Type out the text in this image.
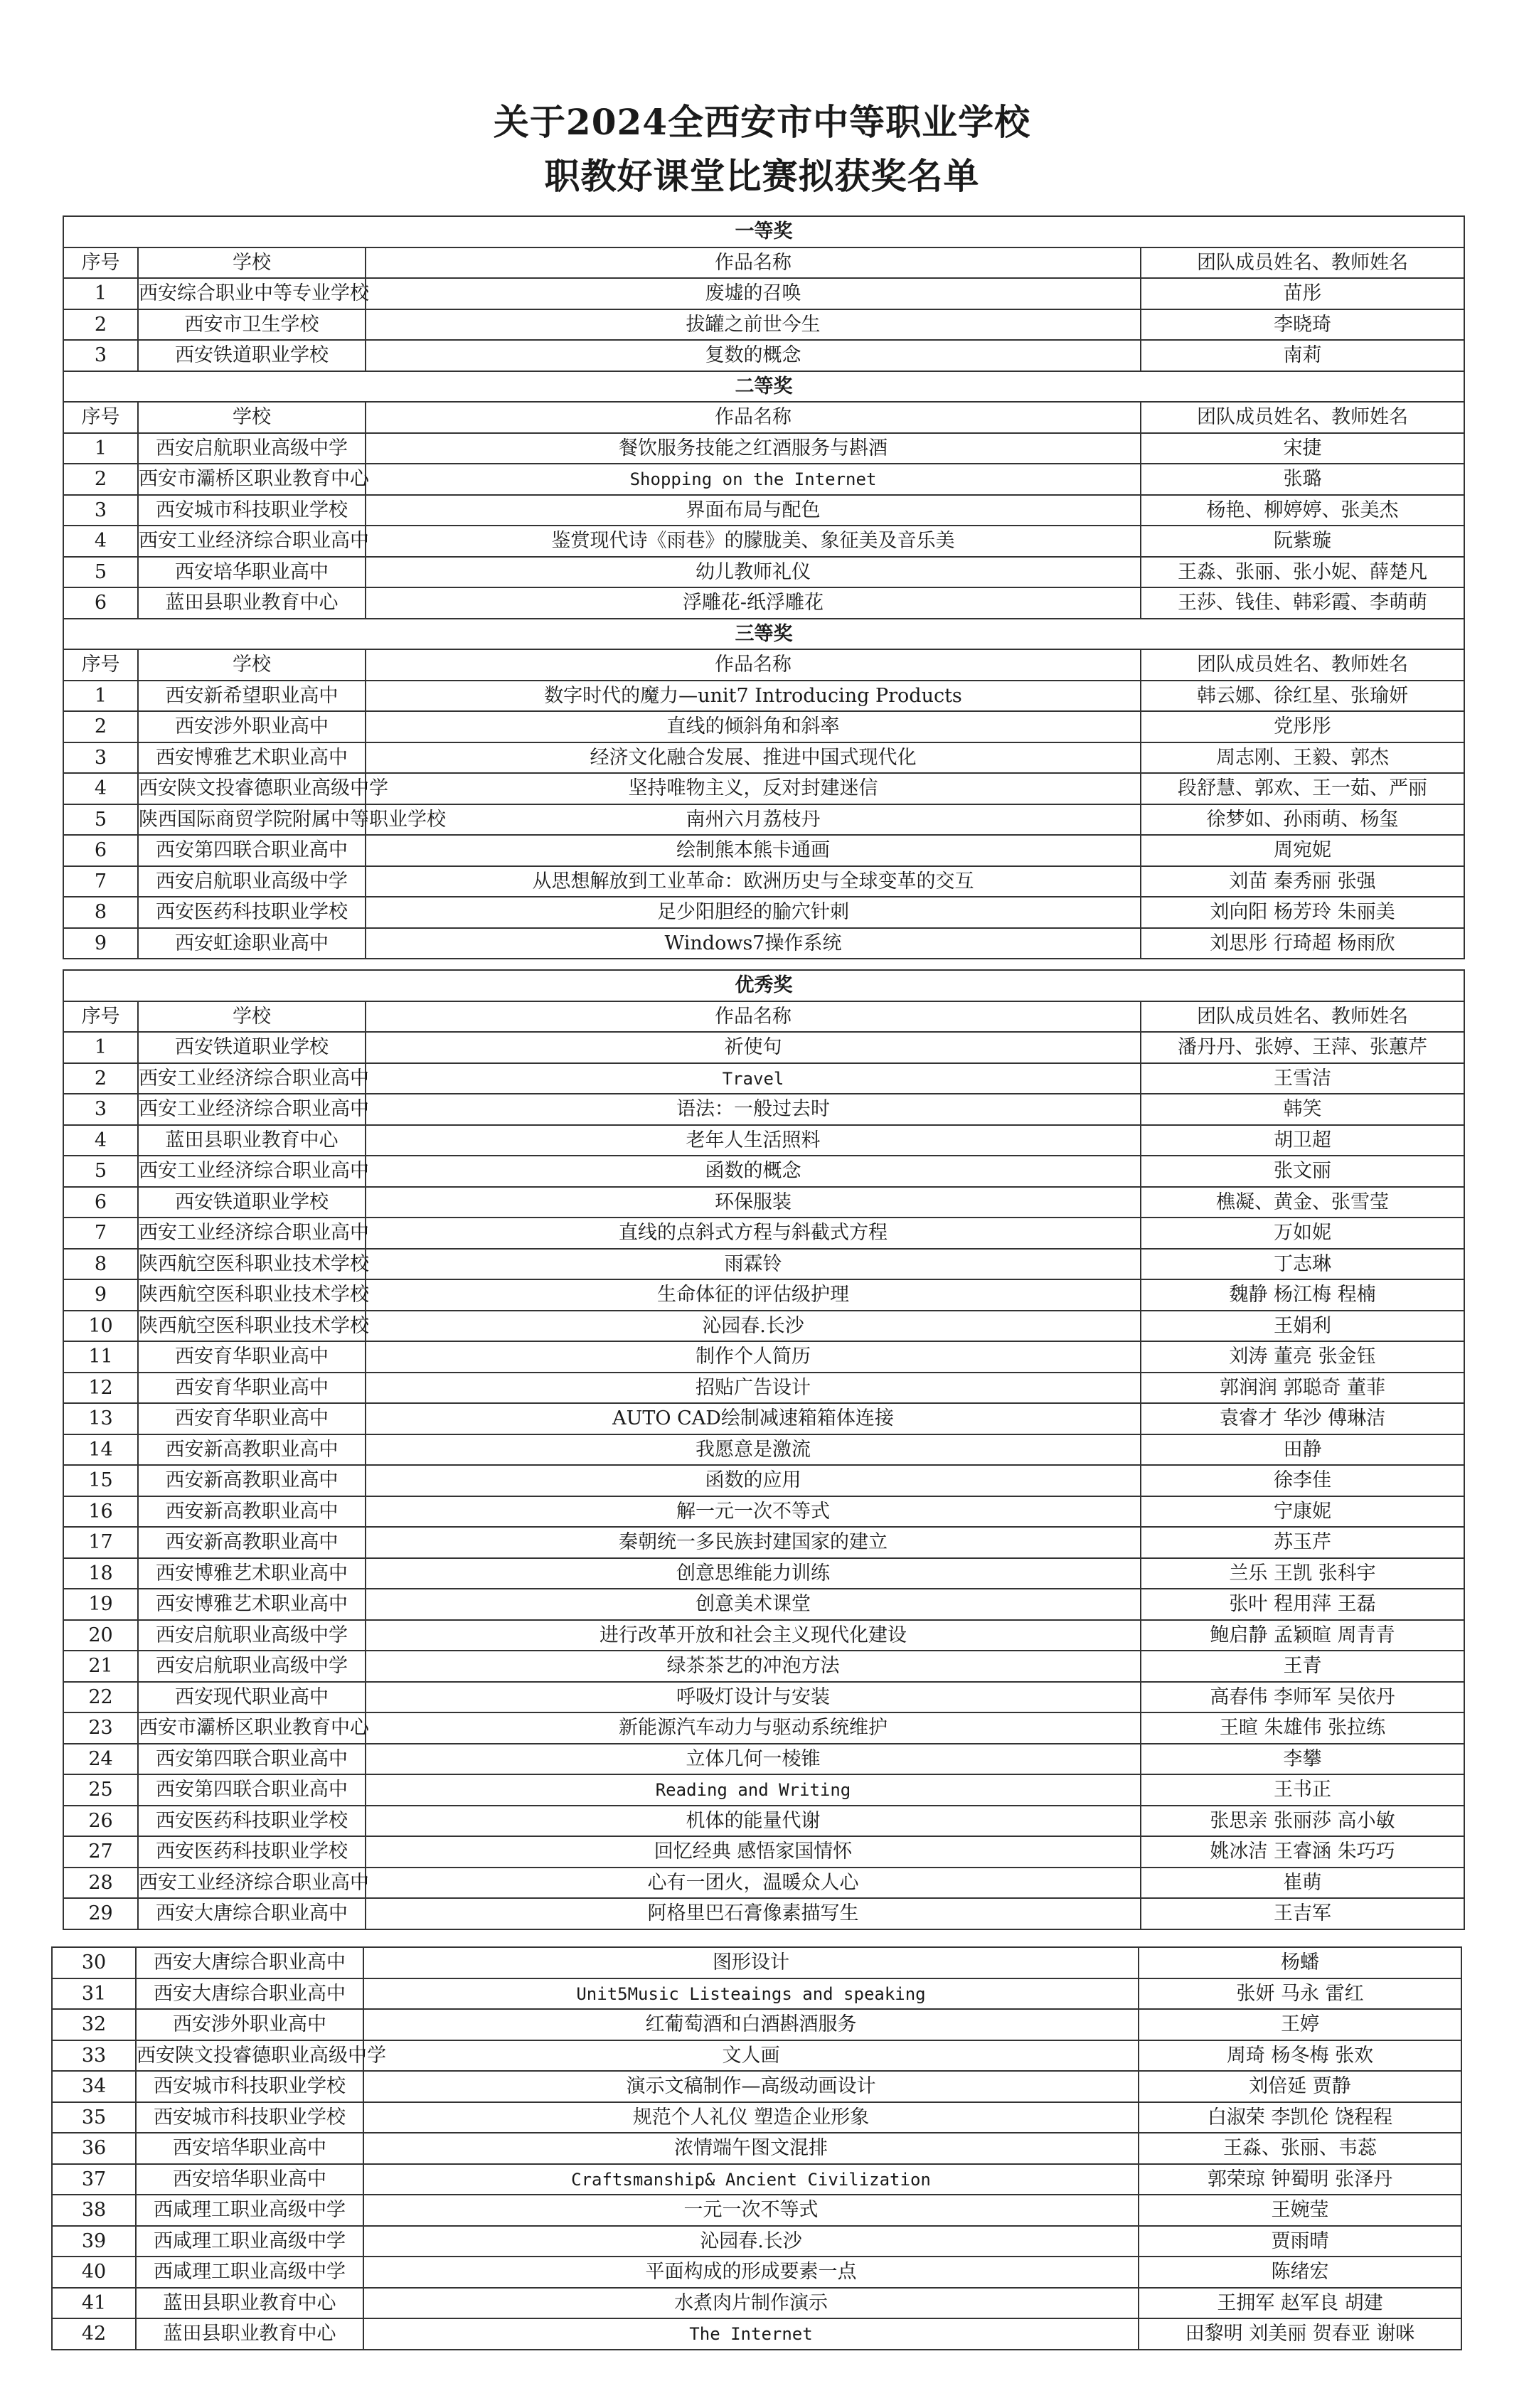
关于2024全西安市中等职业学校
职教好课堂比赛拟获奖名单
一等奖			
序号	学校	作品名称	团队成员姓名、教师姓名
1	西安综合职业中等专业学校	废墟的召唤	苗彤
2	西安市卫生学校	拔罐之前世今生	李晓琦
3	西安铁道职业学校	复数的概念	南莉
二等奖			
序号	学校	作品名称	团队成员姓名、教师姓名
1	西安启航职业高级中学	餐饮服务技能之红酒服务与斟酒	宋捷
2	西安市灞桥区职业教育中心	Shopping on the Internet	张璐
3	西安城市科技职业学校	界面布局与配色	杨艳、柳婷婷、张美杰
4	西安工业经济综合职业高中	鉴赏现代诗《雨巷》的朦胧美、象征美及音乐美	阮紫璇
5	西安培华职业高中	幼儿教师礼仪	王淼、张丽、张小妮、薛楚凡
6	蓝田县职业教育中心	浮雕花-纸浮雕花	王莎、钱佳、韩彩霞、李萌萌
三等奖			
序号	学校	作品名称	团队成员姓名、教师姓名
1	西安新希望职业高中	数字时代的魔力—unit7 Introducing Products	韩云娜、徐红星、张瑜妍
2	西安涉外职业高中	直线的倾斜角和斜率	党彤彤
3	西安博雅艺术职业高中	经济文化融合发展、推进中国式现代化	周志刚、王毅、郭杰
4	西安陕文投睿德职业高级中学	坚持唯物主义，反对封建迷信	段舒慧、郭欢、王一茹、严丽
5	陕西国际商贸学院附属中等职业学校	南州六月荔枝丹	徐梦如、孙雨萌、杨玺
6	西安第四联合职业高中	绘制熊本熊卡通画	周宛妮
7	西安启航职业高级中学	从思想解放到工业革命：欧洲历史与全球变革的交互	刘苗 秦秀丽 张强
8	西安医药科技职业学校	足少阳胆经的腧穴针刺	刘向阳 杨芳玲 朱丽美
9	西安虹途职业高中	Windows7操作系统	刘思彤 行琦超 杨雨欣
优秀奖			
序号	学校	作品名称	团队成员姓名、教师姓名
1	西安铁道职业学校	祈使句	潘丹丹、张婷、王萍、张蕙芹
2	西安工业经济综合职业高中	Travel	王雪洁
3	西安工业经济综合职业高中	语法：一般过去时	韩笑
4	蓝田县职业教育中心	老年人生活照料	胡卫超
5	西安工业经济综合职业高中	函数的概念	张文丽
6	西安铁道职业学校	环保服装	樵凝、黄金、张雪莹
7	西安工业经济综合职业高中	直线的点斜式方程与斜截式方程	万如妮
8	陕西航空医科职业技术学校	雨霖铃	丁志琳
9	陕西航空医科职业技术学校	生命体征的评估级护理	魏静 杨江梅 程楠
10	陕西航空医科职业技术学校	沁园春.长沙	王娟利
11	西安育华职业高中	制作个人简历	刘涛 董亮 张金钰
12	西安育华职业高中	招贴广告设计	郭润润 郭聪奇 董菲
13	西安育华职业高中	AUTO CAD绘制减速箱箱体连接	袁睿才 华沙 傅琳洁
14	西安新高教职业高中	我愿意是激流	田静
15	西安新高教职业高中	函数的应用	徐李佳
16	西安新高教职业高中	解一元一次不等式	宁康妮
17	西安新高教职业高中	秦朝统一多民族封建国家的建立	苏玉芹
18	西安博雅艺术职业高中	创意思维能力训练	兰乐 王凯 张科宇
19	西安博雅艺术职业高中	创意美术课堂	张叶 程用萍 王磊
20	西安启航职业高级中学	进行改革开放和社会主义现代化建设	鲍启静 孟颖暄 周青青
21	西安启航职业高级中学	绿茶茶艺的冲泡方法	王青
22	西安现代职业高中	呼吸灯设计与安装	高春伟 李师军 吴依丹
23	西安市灞桥区职业教育中心	新能源汽车动力与驱动系统维护	王暄 朱雄伟 张拉练
24	西安第四联合职业高中	立体几何一棱锥	李攀
25	西安第四联合职业高中	Reading and Writing	王书正
26	西安医药科技职业学校	机体的能量代谢	张思亲 张丽莎 高小敏
27	西安医药科技职业学校	回忆经典 感悟家国情怀	姚冰洁 王睿涵 朱巧巧
28	西安工业经济综合职业高中	心有一团火，温暖众人心	崔萌
29	西安大唐综合职业高中	阿格里巴石膏像素描写生	王吉军
30	西安大唐综合职业高中	图形设计	杨蟠
31	西安大唐综合职业高中	Unit5Music Listeaings and speaking	张妍 马永 雷红
32	西安涉外职业高中	红葡萄酒和白酒斟酒服务	王婷
33	西安陕文投睿德职业高级中学	文人画	周琦 杨冬梅 张欢
34	西安城市科技职业学校	演示文稿制作—高级动画设计	刘倍延 贾静
35	西安城市科技职业学校	规范个人礼仪 塑造企业形象	白淑荣 李凯伦 饶程程
36	西安培华职业高中	浓情端午图文混排	王淼、张丽、韦蕊
37	西安培华职业高中	Craftsmanship& Ancient Civilization	郭荣琼 钟蜀明 张泽丹
38	西咸理工职业高级中学	一元一次不等式	王婉莹
39	西咸理工职业高级中学	沁园春.长沙	贾雨晴
40	西咸理工职业高级中学	平面构成的形成要素一点	陈绪宏
41	蓝田县职业教育中心	水煮肉片制作演示	王拥军 赵军良 胡建
42	蓝田县职业教育中心	The Internet	田黎明 刘美丽 贺春亚 谢咪
